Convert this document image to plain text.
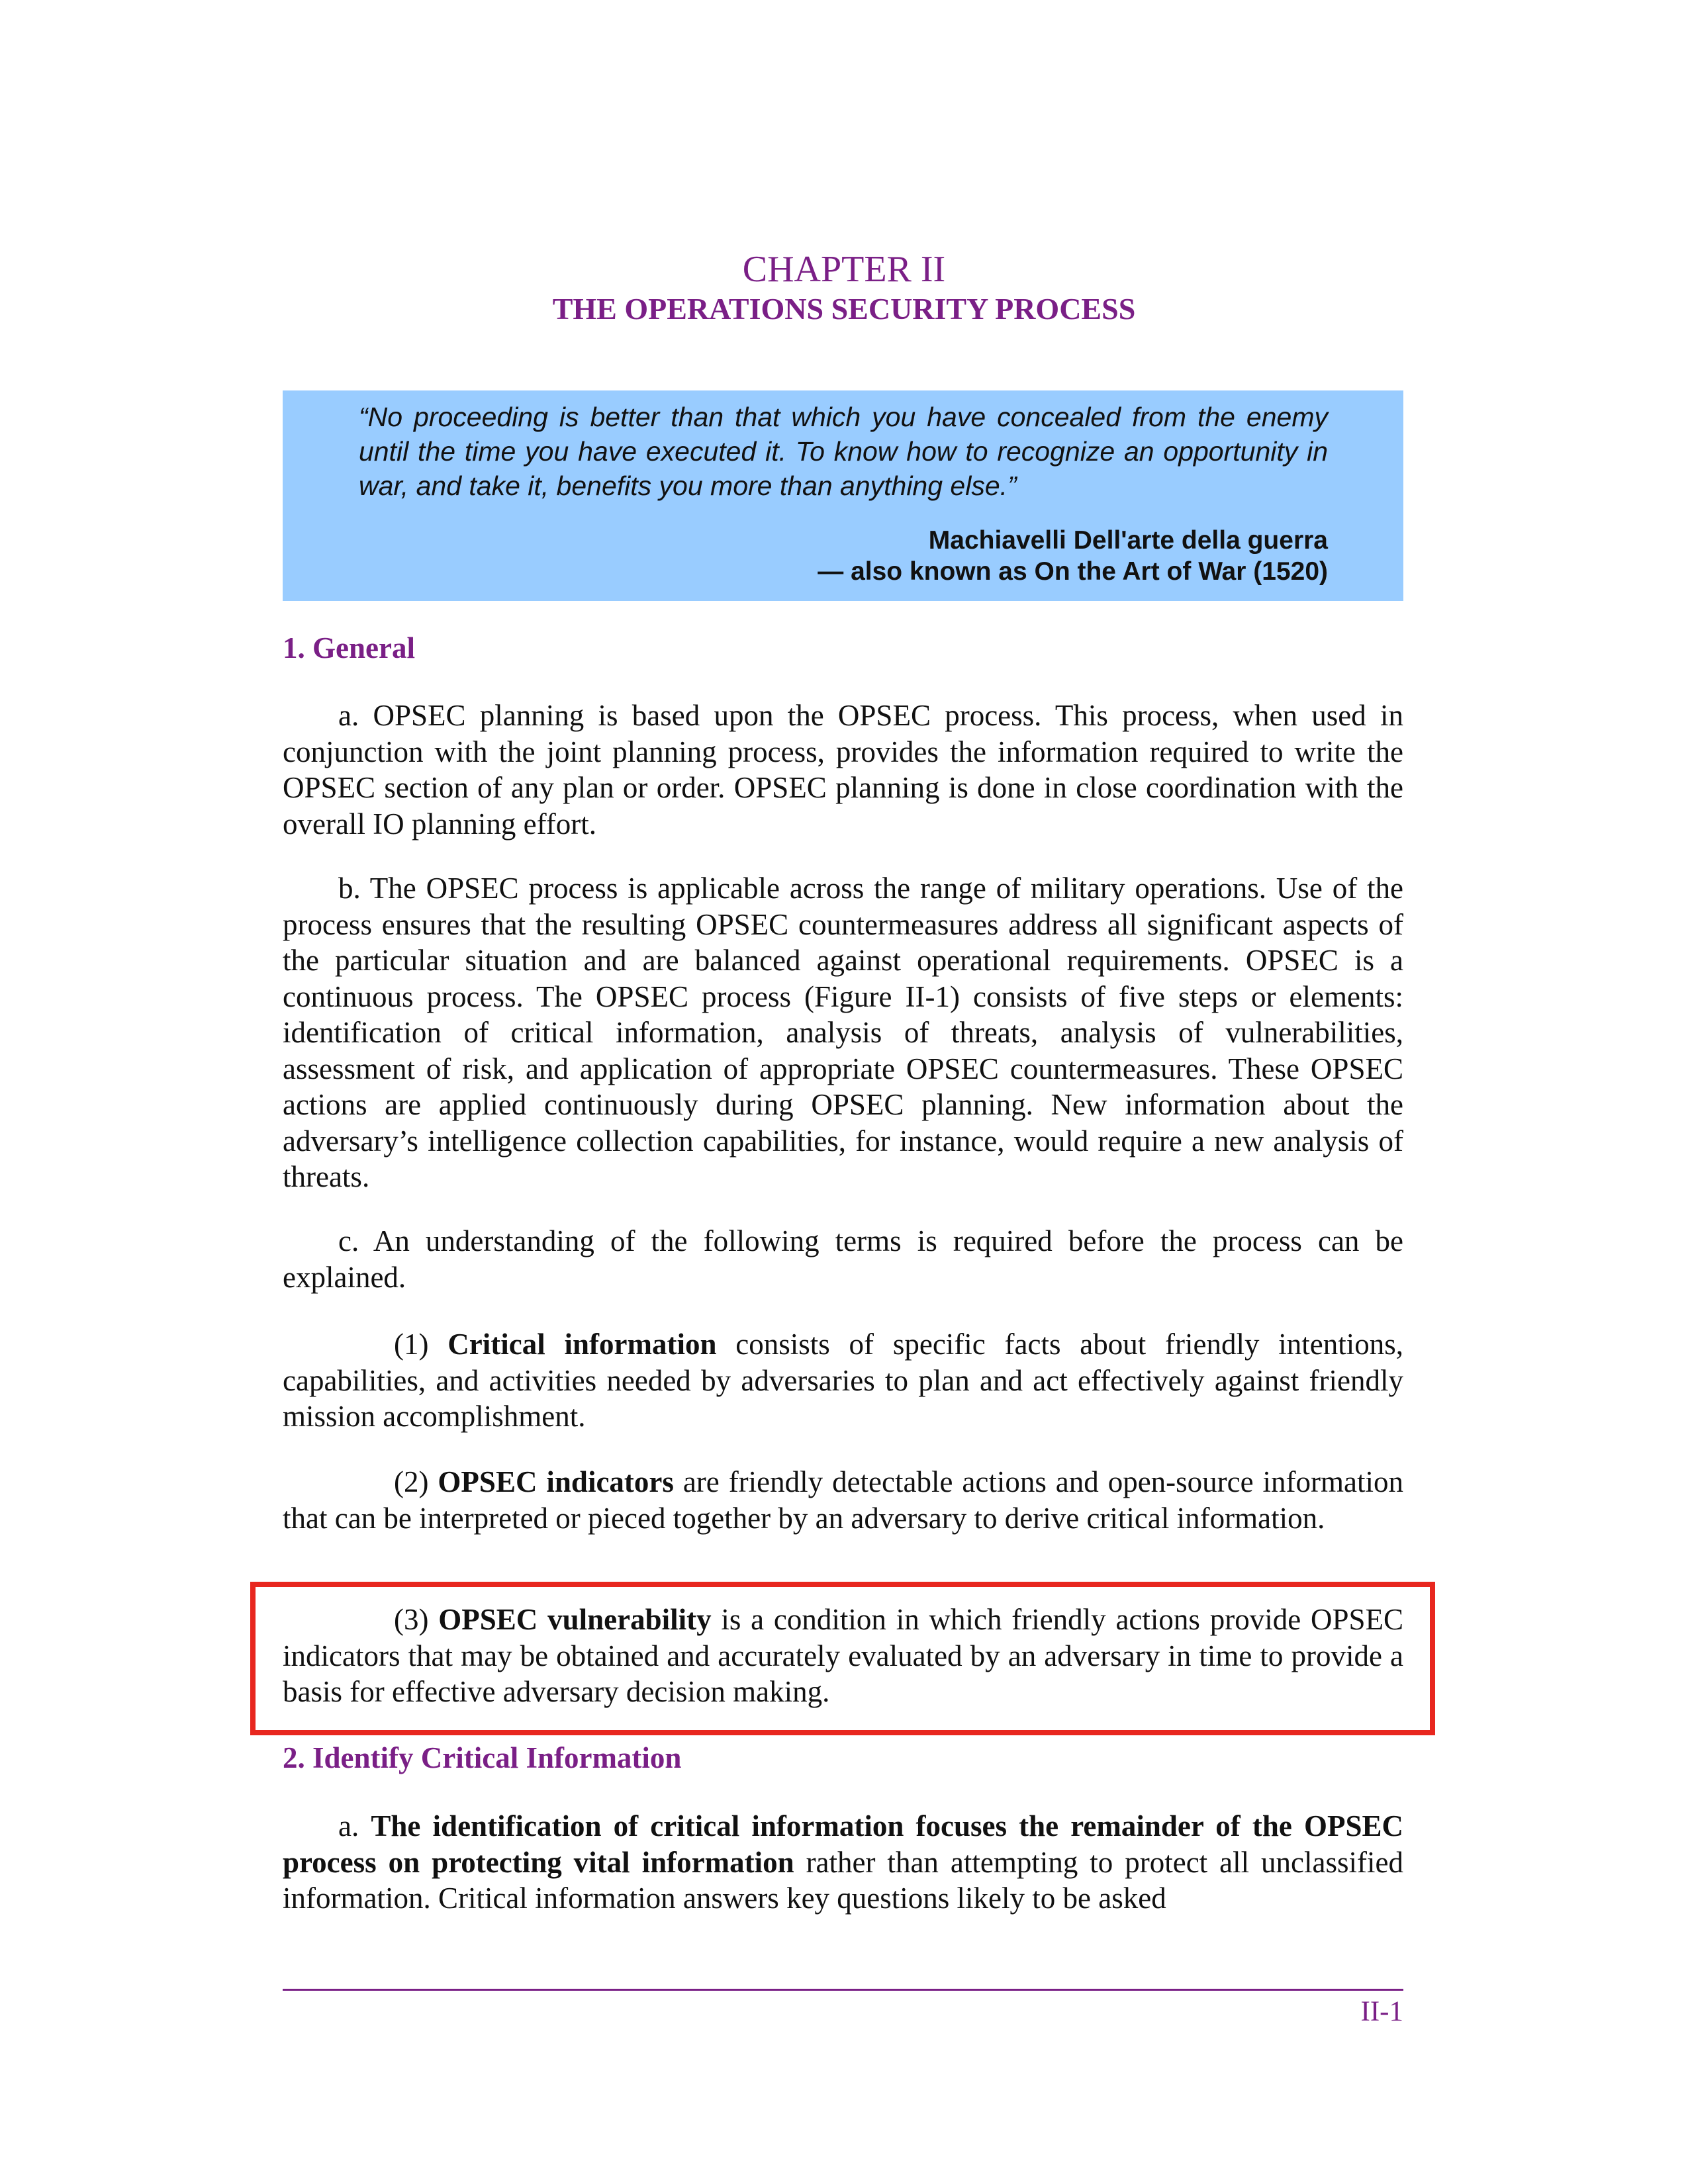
CHAPTER II
THE OPERATIONS SECURITY PROCESS
“No proceeding is better than that which you have concealed from the enemy until the time you have executed it. To know how to recognize an opportunity in war, and take it, benefits you more than anything else.”
Machiavelli Dell'arte della guerra
— also known as On the Art of War (1520)
1. General

a. OPSEC planning is based upon the OPSEC process. This process, when used in conjunction with the joint planning process, provides the information required to write the OPSEC section of any plan or order. OPSEC planning is done in close coordination with the overall IO planning effort.

b. The OPSEC process is applicable across the range of military operations. Use of the process ensures that the resulting OPSEC countermeasures address all significant aspects of the particular situation and are balanced against operational requirements. OPSEC is a continuous process. The OPSEC process (Figure II-1) consists of five steps or elements: identification of critical information, analysis of threats, analysis of vulnerabilities, assessment of risk, and application of appropriate OPSEC countermeasures. These OPSEC actions are applied continuously during OPSEC planning. New information about the adversary’s intelligence collection capabilities, for instance, would require a new analysis of threats.

c. An understanding of the following terms is required before the process can be explained.

(1) Critical information consists of specific facts about friendly intentions, capabilities, and activities needed by adversaries to plan and act effectively against friendly mission accomplishment.

(2) OPSEC indicators are friendly detectable actions and open-source information that can be interpreted or pieced together by an adversary to derive critical information.

(3) OPSEC vulnerability is a condition in which friendly actions provide OPSEC indicators that may be obtained and accurately evaluated by an adversary in time to provide a basis for effective adversary decision making.

2. Identify Critical Information

a. The identification of critical information focuses the remainder of the OPSEC process on protecting vital information rather than attempting to protect all unclassified information. Critical information answers key questions likely to be asked

II-1
